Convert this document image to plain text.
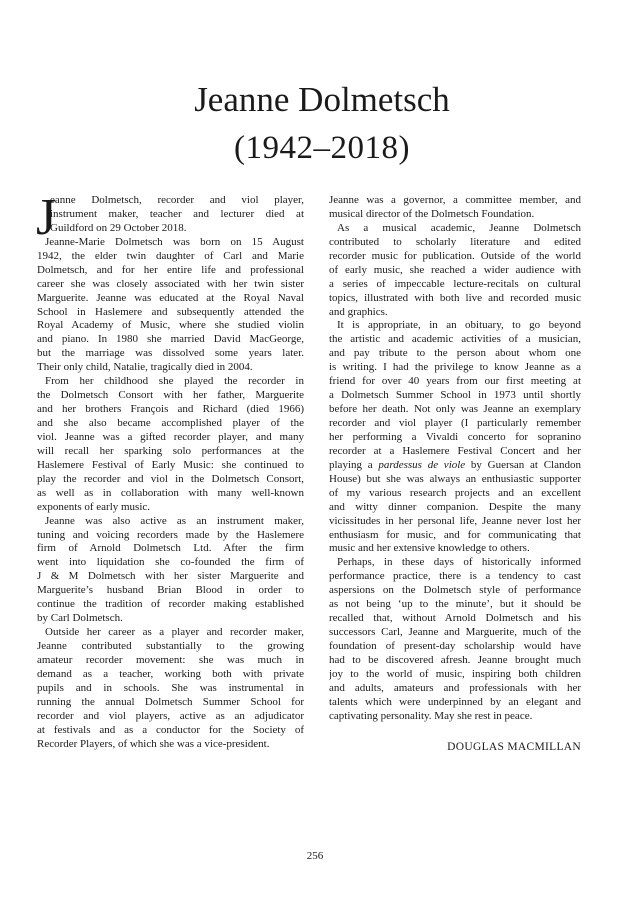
Jeanne Dolmetsch
(1942–2018)
J
eanne Dolmetsch, recorder and viol player,
instrument maker, teacher and lecturer died at
Guildford on 29 October 2018.
Jeanne-Marie Dolmetsch was born on 15 August
1942, the elder twin daughter of Carl and Marie
Dolmetsch, and for her entire life and professional
career she was closely associated with her twin sister
Marguerite. Jeanne was educated at the Royal Naval
School in Haslemere and subsequently attended the
Royal Academy of Music, where she studied violin
and piano. In 1980 she married David MacGeorge,
but the marriage was dissolved some years later.
Their only child, Natalie, tragically died in 2004.
From her childhood she played the recorder in
the Dolmetsch Consort with her father, Marguerite
and her brothers François and Richard (died 1966)
and she also became accomplished player of the
viol. Jeanne was a gifted recorder player, and many
will recall her sparking solo performances at the
Haslemere Festival of Early Music: she continued to
play the recorder and viol in the Dolmetsch Consort,
as well as in collaboration with many well-known
exponents of early music.
Jeanne was also active as an instrument maker,
tuning and voicing recorders made by the Haslemere
firm of Arnold Dolmetsch Ltd. After the firm
went into liquidation she co-founded the firm of
J & M Dolmetsch with her sister Marguerite and
Marguerite’s husband Brian Blood in order to
continue the tradition of recorder making established
by Carl Dolmetsch.
Outside her career as a player and recorder maker,
Jeanne contributed substantially to the growing
amateur recorder movement: she was much in
demand as a teacher, working both with private
pupils and in schools. She was instrumental in
running the annual Dolmetsch Summer School for
recorder and viol players, active as an adjudicator
at festivals and as a conductor for the Society of
Recorder Players, of which she was a vice-president.
Jeanne was a governor, a committee member, and
musical director of the Dolmetsch Foundation.
As a musical academic, Jeanne Dolmetsch
contributed to scholarly literature and edited
recorder music for publication. Outside of the world
of early music, she reached a wider audience with
a series of impeccable lecture-recitals on cultural
topics, illustrated with both live and recorded music
and graphics.
It is appropriate, in an obituary, to go beyond
the artistic and academic activities of a musician,
and pay tribute to the person about whom one
is writing. I had the privilege to know Jeanne as a
friend for over 40 years from our first meeting at
a Dolmetsch Summer School in 1973 until shortly
before her death. Not only was Jeanne an exemplary
recorder and viol player (I particularly remember
her performing a Vivaldi concerto for sopranino
recorder at a Haslemere Festival Concert and her
playing a pardessus de viole by Guersan at Clandon
House) but she was always an enthusiastic supporter
of my various research projects and an excellent
and witty dinner companion. Despite the many
vicissitudes in her personal life, Jeanne never lost her
enthusiasm for music, and for communicating that
music and her extensive knowledge to others.
Perhaps, in these days of historically informed
performance practice, there is a tendency to cast
aspersions on the Dolmetsch style of performance
as not being ‘up to the minute’, but it should be
recalled that, without Arnold Dolmetsch and his
successors Carl, Jeanne and Marguerite, much of the
foundation of present-day scholarship would have
had to be discovered afresh. Jeanne brought much
joy to the world of music, inspiring both children
and adults, amateurs and professionals with her
talents which were underpinned by an elegant and
captivating personality. May she rest in peace.
DOUGLAS MACMILLAN
256
